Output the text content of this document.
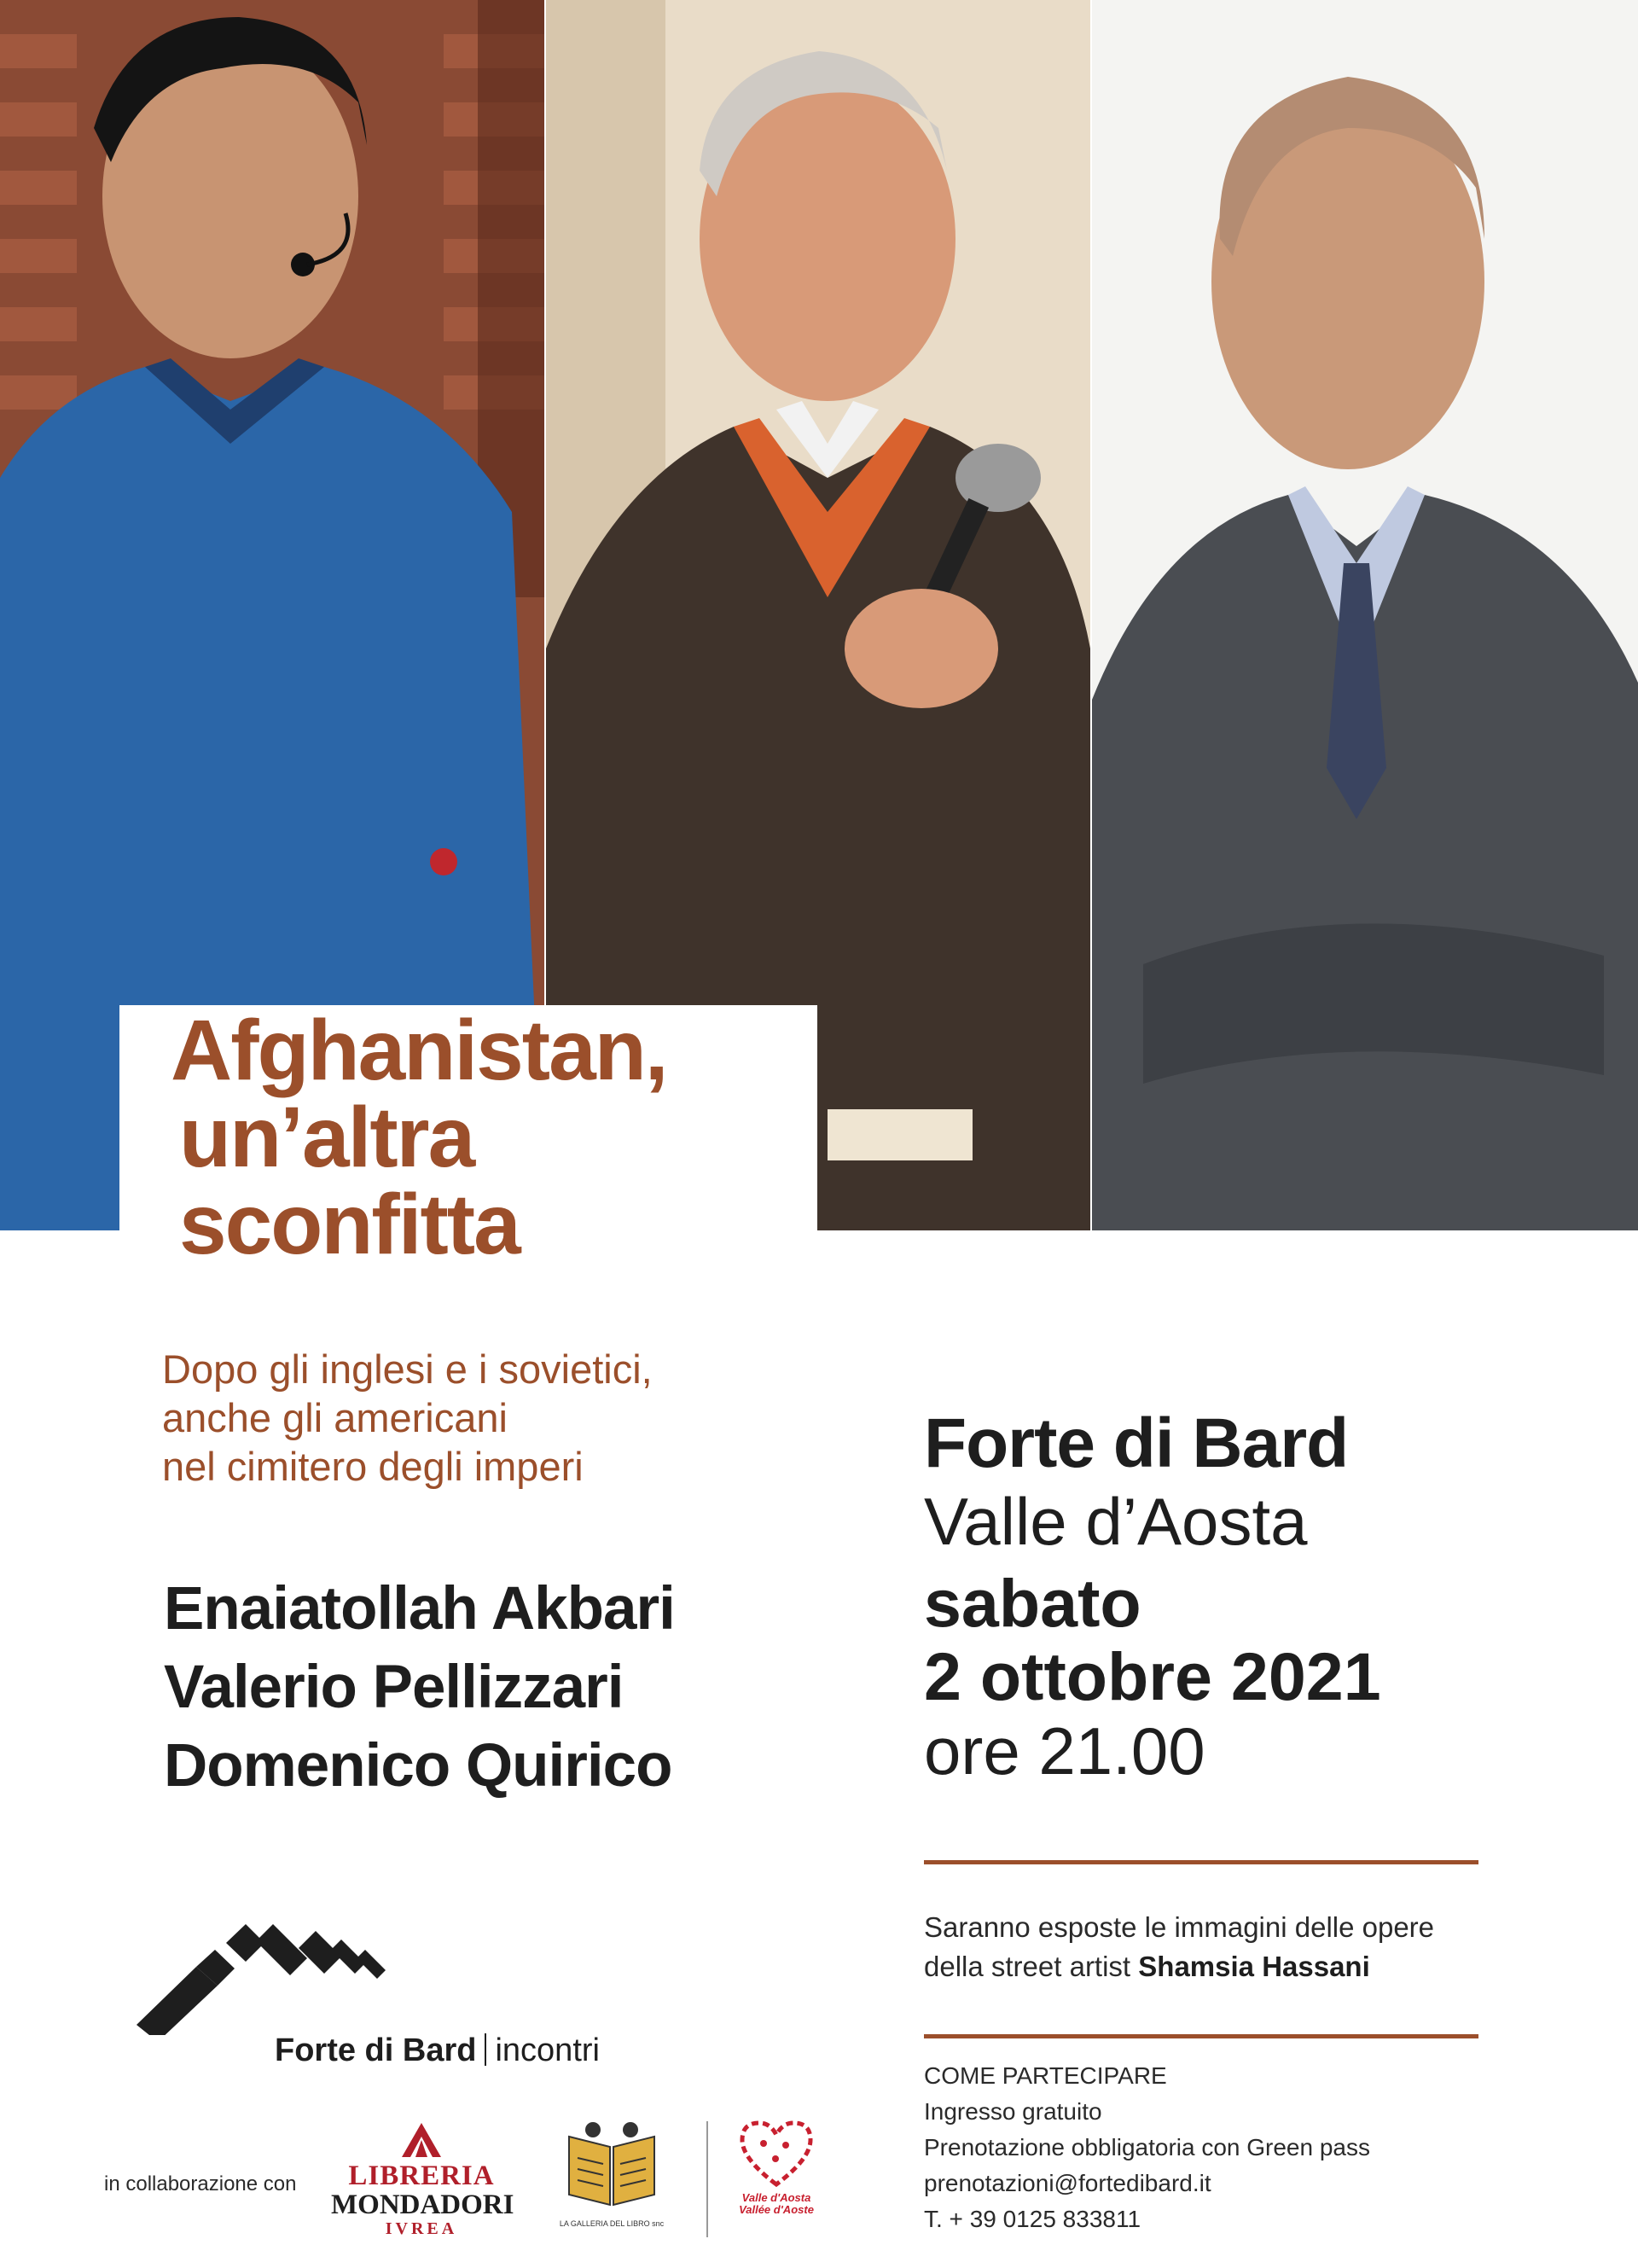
Afghanistan,
un’altra
sconfitta
Dopo gli inglesi e i sovietici,
anche gli americani
nel cimitero degli imperi
Enaiatollah Akbari
Valerio Pellizzari
Domenico Quirico
Forte di Bard
Valle d’Aosta
sabato
2 ottobre 2021
ore 21.00
Saranno esposte le immagini delle opere
della street artist Shamsia Hassani
COME PARTECIPARE
Ingresso gratuito
Prenotazione obbligatoria con Green pass
prenotazioni@fortedibard.it
T. + 39 0125 833811
Forte di Bard incontri
in collaborazione con	LIBRERIA
MONDADORI
IVREA	LA GALLERIA DEL LIBRO snc
Valle d'Aosta
Vallée d'Aoste
